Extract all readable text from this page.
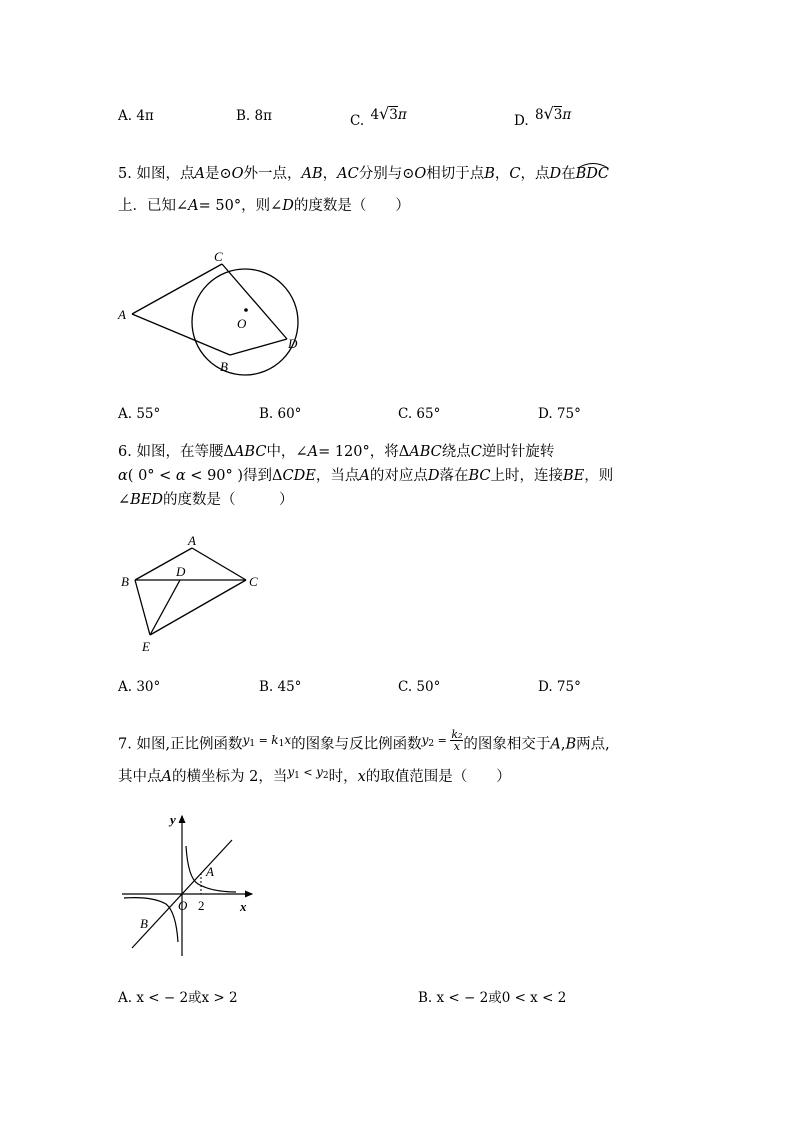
A. 4π	B. 8π	C. 4√3π	D. 8√3π
5. 如图，点A是⊙O外一点，AB，AC分别与⊙O相切于点B，C，点D在BDC
上．已知∠A= 50°，则∠D的度数是（　　）
A
C
O
D
B
A. 55°	B. 60°	C. 65°	D. 75°
6. 如图，在等腰ΔABC中，∠A= 120°，将ΔABC绕点C逆时针旋转
α( 0° < α < 90° )得到ΔCDE，当点A的对应点D落在BC上时，连接BE，则
∠BED的度数是（　　　）
A
B
D
C
E
A. 30°	B. 45°	C. 50°	D. 75°
7. 如图,正比例函数$^{y1}$ = $^{k1x}$的图象与反比例函数$^{y2}$ $^= \frac{\text{k₂}}{x}$ 的图象相交于A,B两点,
其中点A的横坐标为 2，当$^{y1}$ < $^{y2}$时，x的取值范围是（　　）
y
x
O 2
A
B
A. x < − 2或x > 2	B. x < − 2或0 < x < 2
